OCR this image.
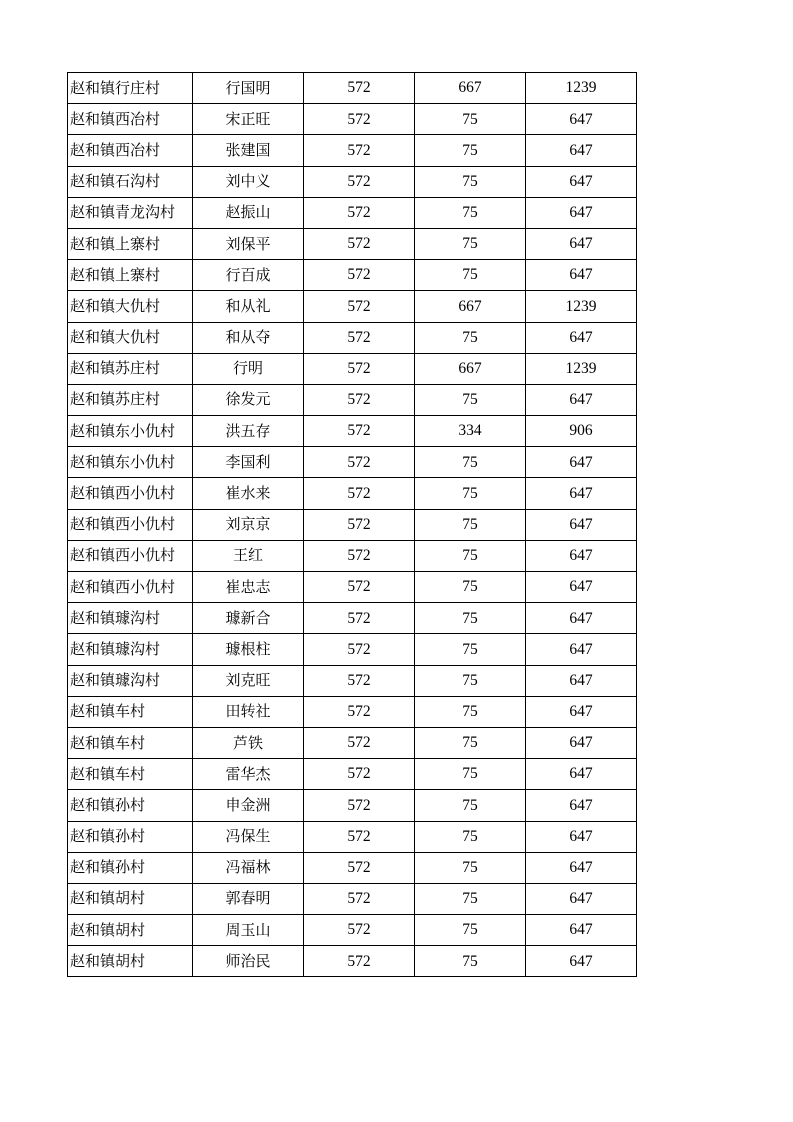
赵和镇行庄村	行国明	572	667	1239
赵和镇西冶村	宋正旺	572	75	647
赵和镇西冶村	张建国	572	75	647
赵和镇石沟村	刘中义	572	75	647
赵和镇青龙沟村	赵振山	572	75	647
赵和镇上寨村	刘保平	572	75	647
赵和镇上寨村	行百成	572	75	647
赵和镇大仇村	和从礼	572	667	1239
赵和镇大仇村	和从夺	572	75	647
赵和镇苏庄村	行明	572	667	1239
赵和镇苏庄村	徐发元	572	75	647
赵和镇东小仇村	洪五存	572	334	906
赵和镇东小仇村	李国利	572	75	647
赵和镇西小仇村	崔水来	572	75	647
赵和镇西小仇村	刘京京	572	75	647
赵和镇西小仇村	王红	572	75	647
赵和镇西小仇村	崔忠志	572	75	647
赵和镇璩沟村	璩新合	572	75	647
赵和镇璩沟村	璩根柱	572	75	647
赵和镇璩沟村	刘克旺	572	75	647
赵和镇车村	田转社	572	75	647
赵和镇车村	芦铁	572	75	647
赵和镇车村	雷华杰	572	75	647
赵和镇孙村	申金洲	572	75	647
赵和镇孙村	冯保生	572	75	647
赵和镇孙村	冯福林	572	75	647
赵和镇胡村	郭春明	572	75	647
赵和镇胡村	周玉山	572	75	647
赵和镇胡村	师治民	572	75	647
